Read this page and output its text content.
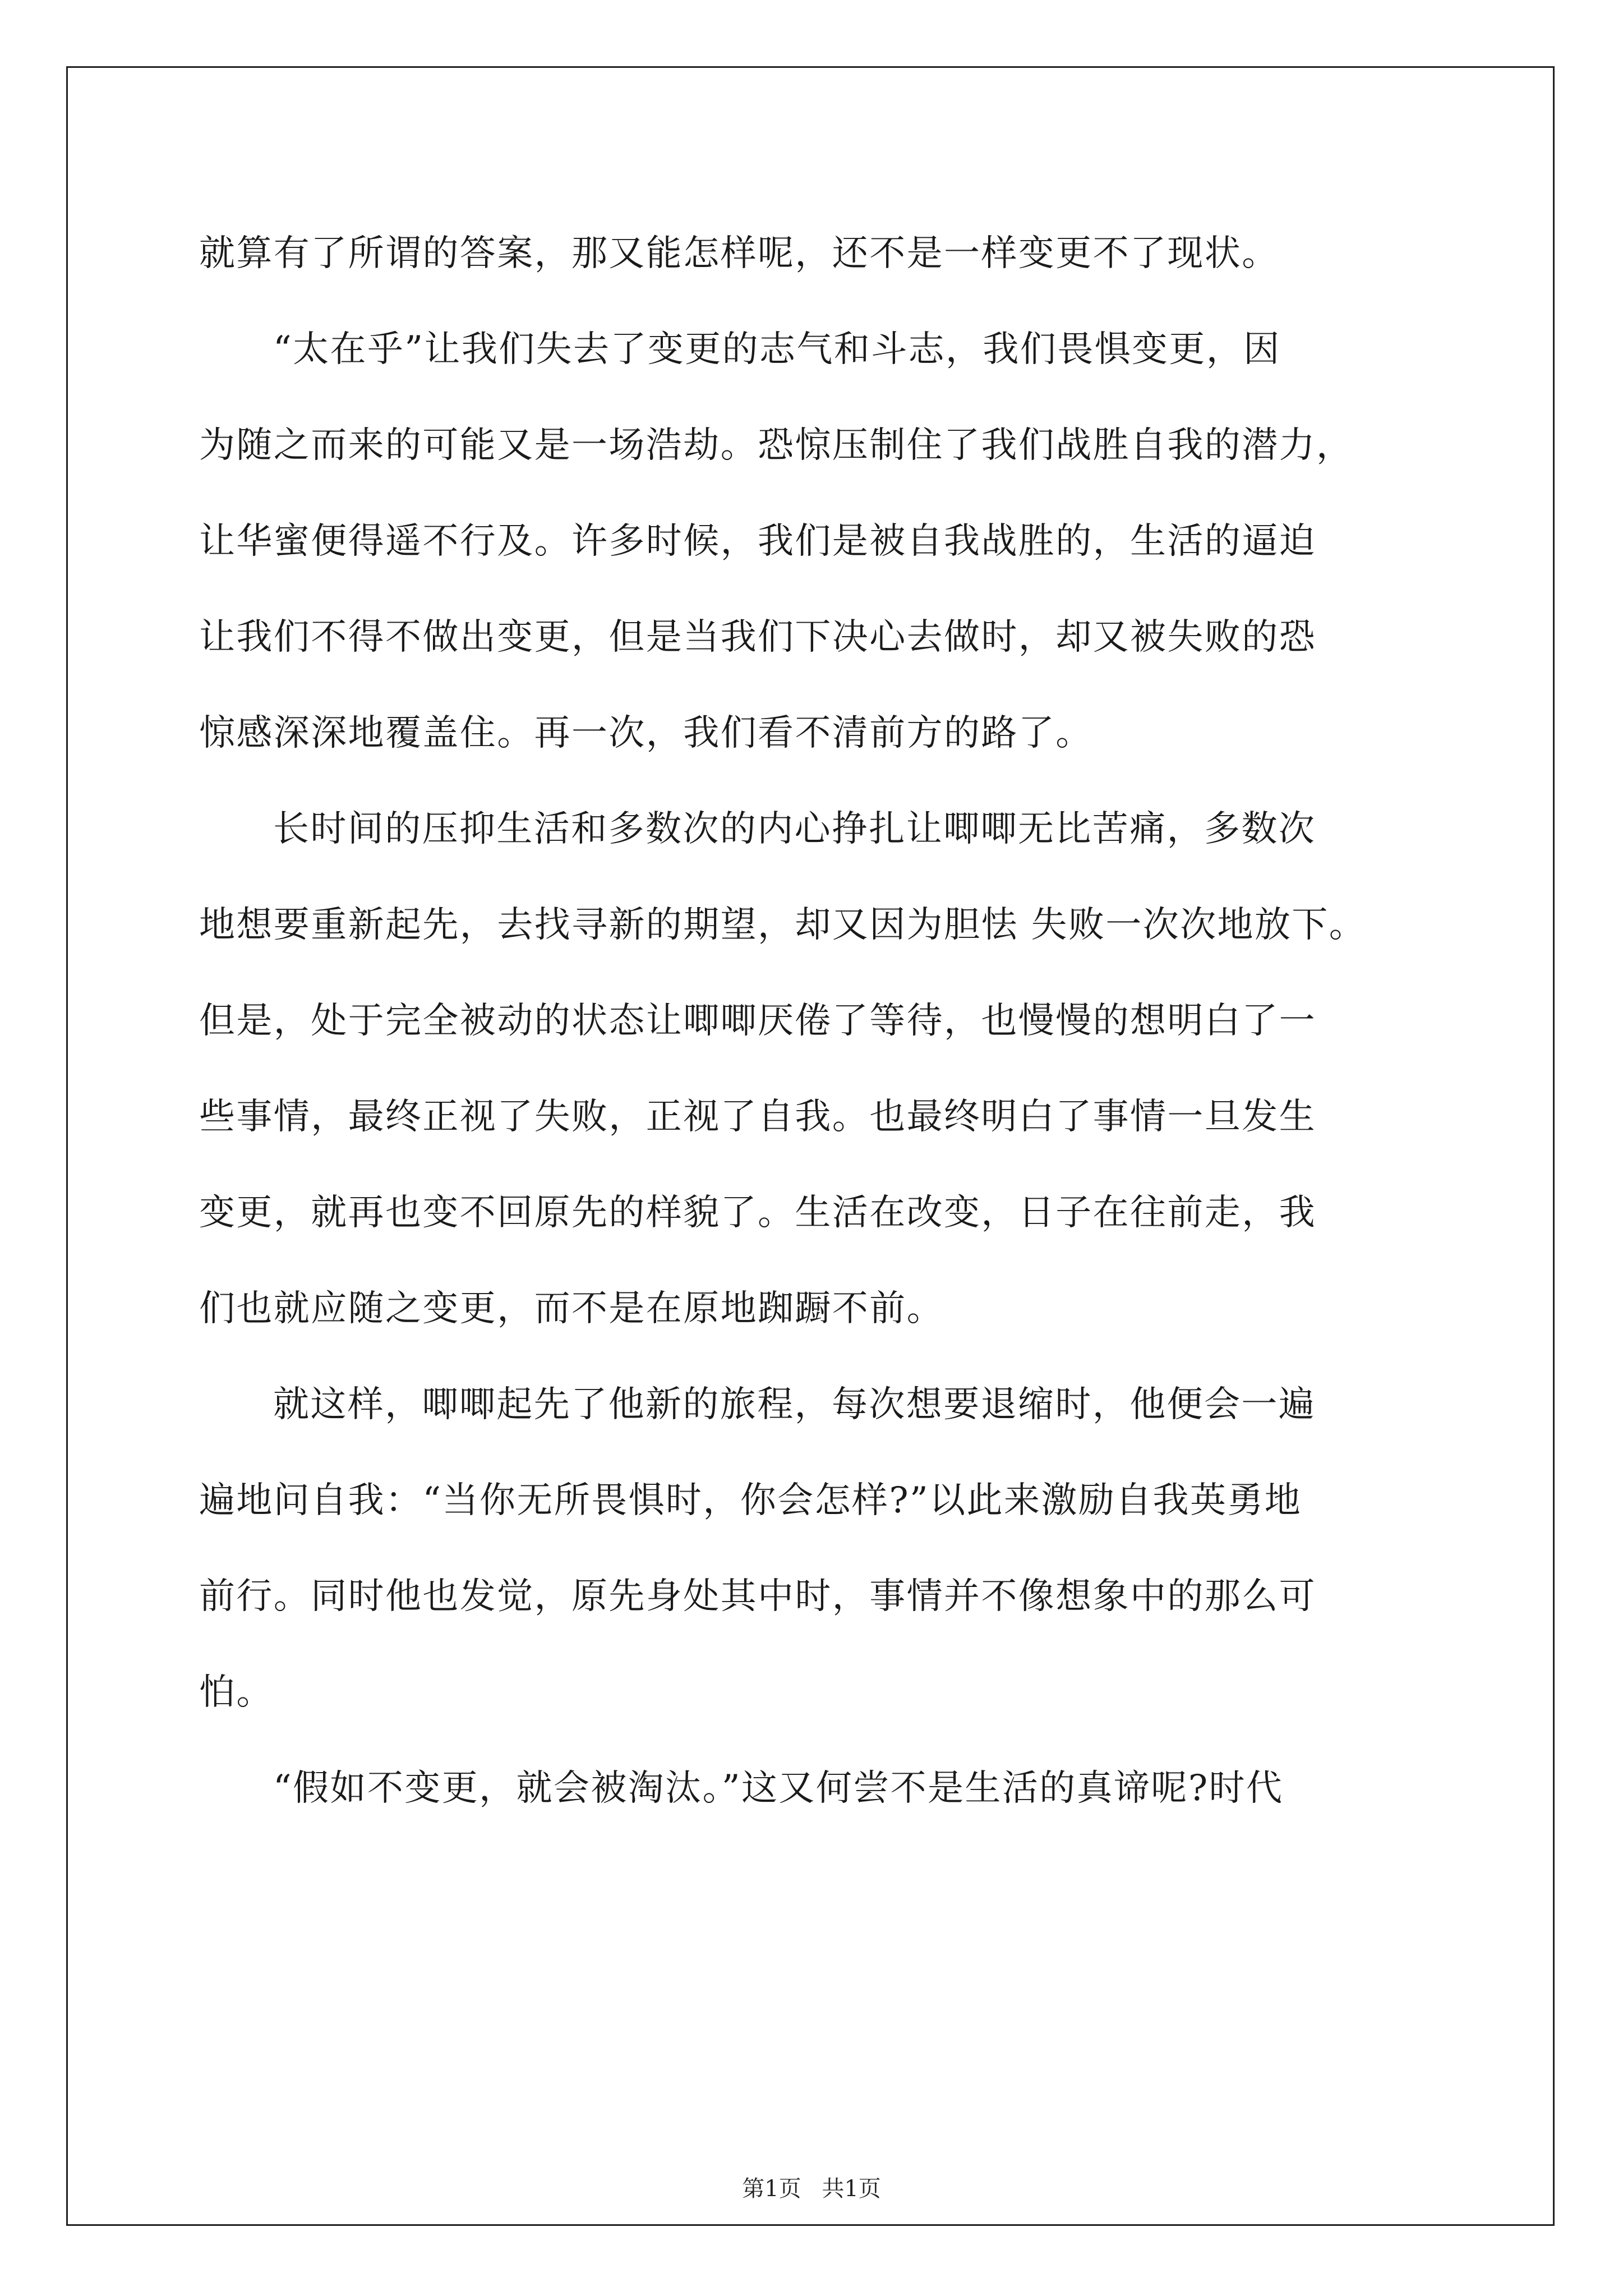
就算有了所谓的答案，那又能怎样呢，还不是一样变更不了现状。
“太在乎”让我们失去了变更的志气和斗志，我们畏惧变更，因
为随之而来的可能又是一场浩劫。恐惊压制住了我们战胜自我的潜力，
让华蜜便得遥不行及。许多时候，我们是被自我战胜的，生活的逼迫
让我们不得不做出变更，但是当我们下决心去做时，却又被失败的恐
惊感深深地覆盖住。再一次，我们看不清前方的路了。
长时间的压抑生活和多数次的内心挣扎让唧唧无比苦痛，多数次
地想要重新起先，去找寻新的期望，却又因为胆怯 失败一次次地放下。
但是，处于完全被动的状态让唧唧厌倦了等待，也慢慢的想明白了一
些事情，最终正视了失败，正视了自我。也最终明白了事情一旦发生
变更，就再也变不回原先的样貌了。生活在改变，日子在往前走，我
们也就应随之变更，而不是在原地踟蹰不前。
就这样，唧唧起先了他新的旅程，每次想要退缩时，他便会一遍
遍地问自我：“当你无所畏惧时，你会怎样?”以此来激励自我英勇地
前行。同时他也发觉，原先身处其中时，事情并不像想象中的那么可
怕。
“假如不变更，就会被淘汰。”这又何尝不是生活的真谛呢?时代
第1页 共1页
